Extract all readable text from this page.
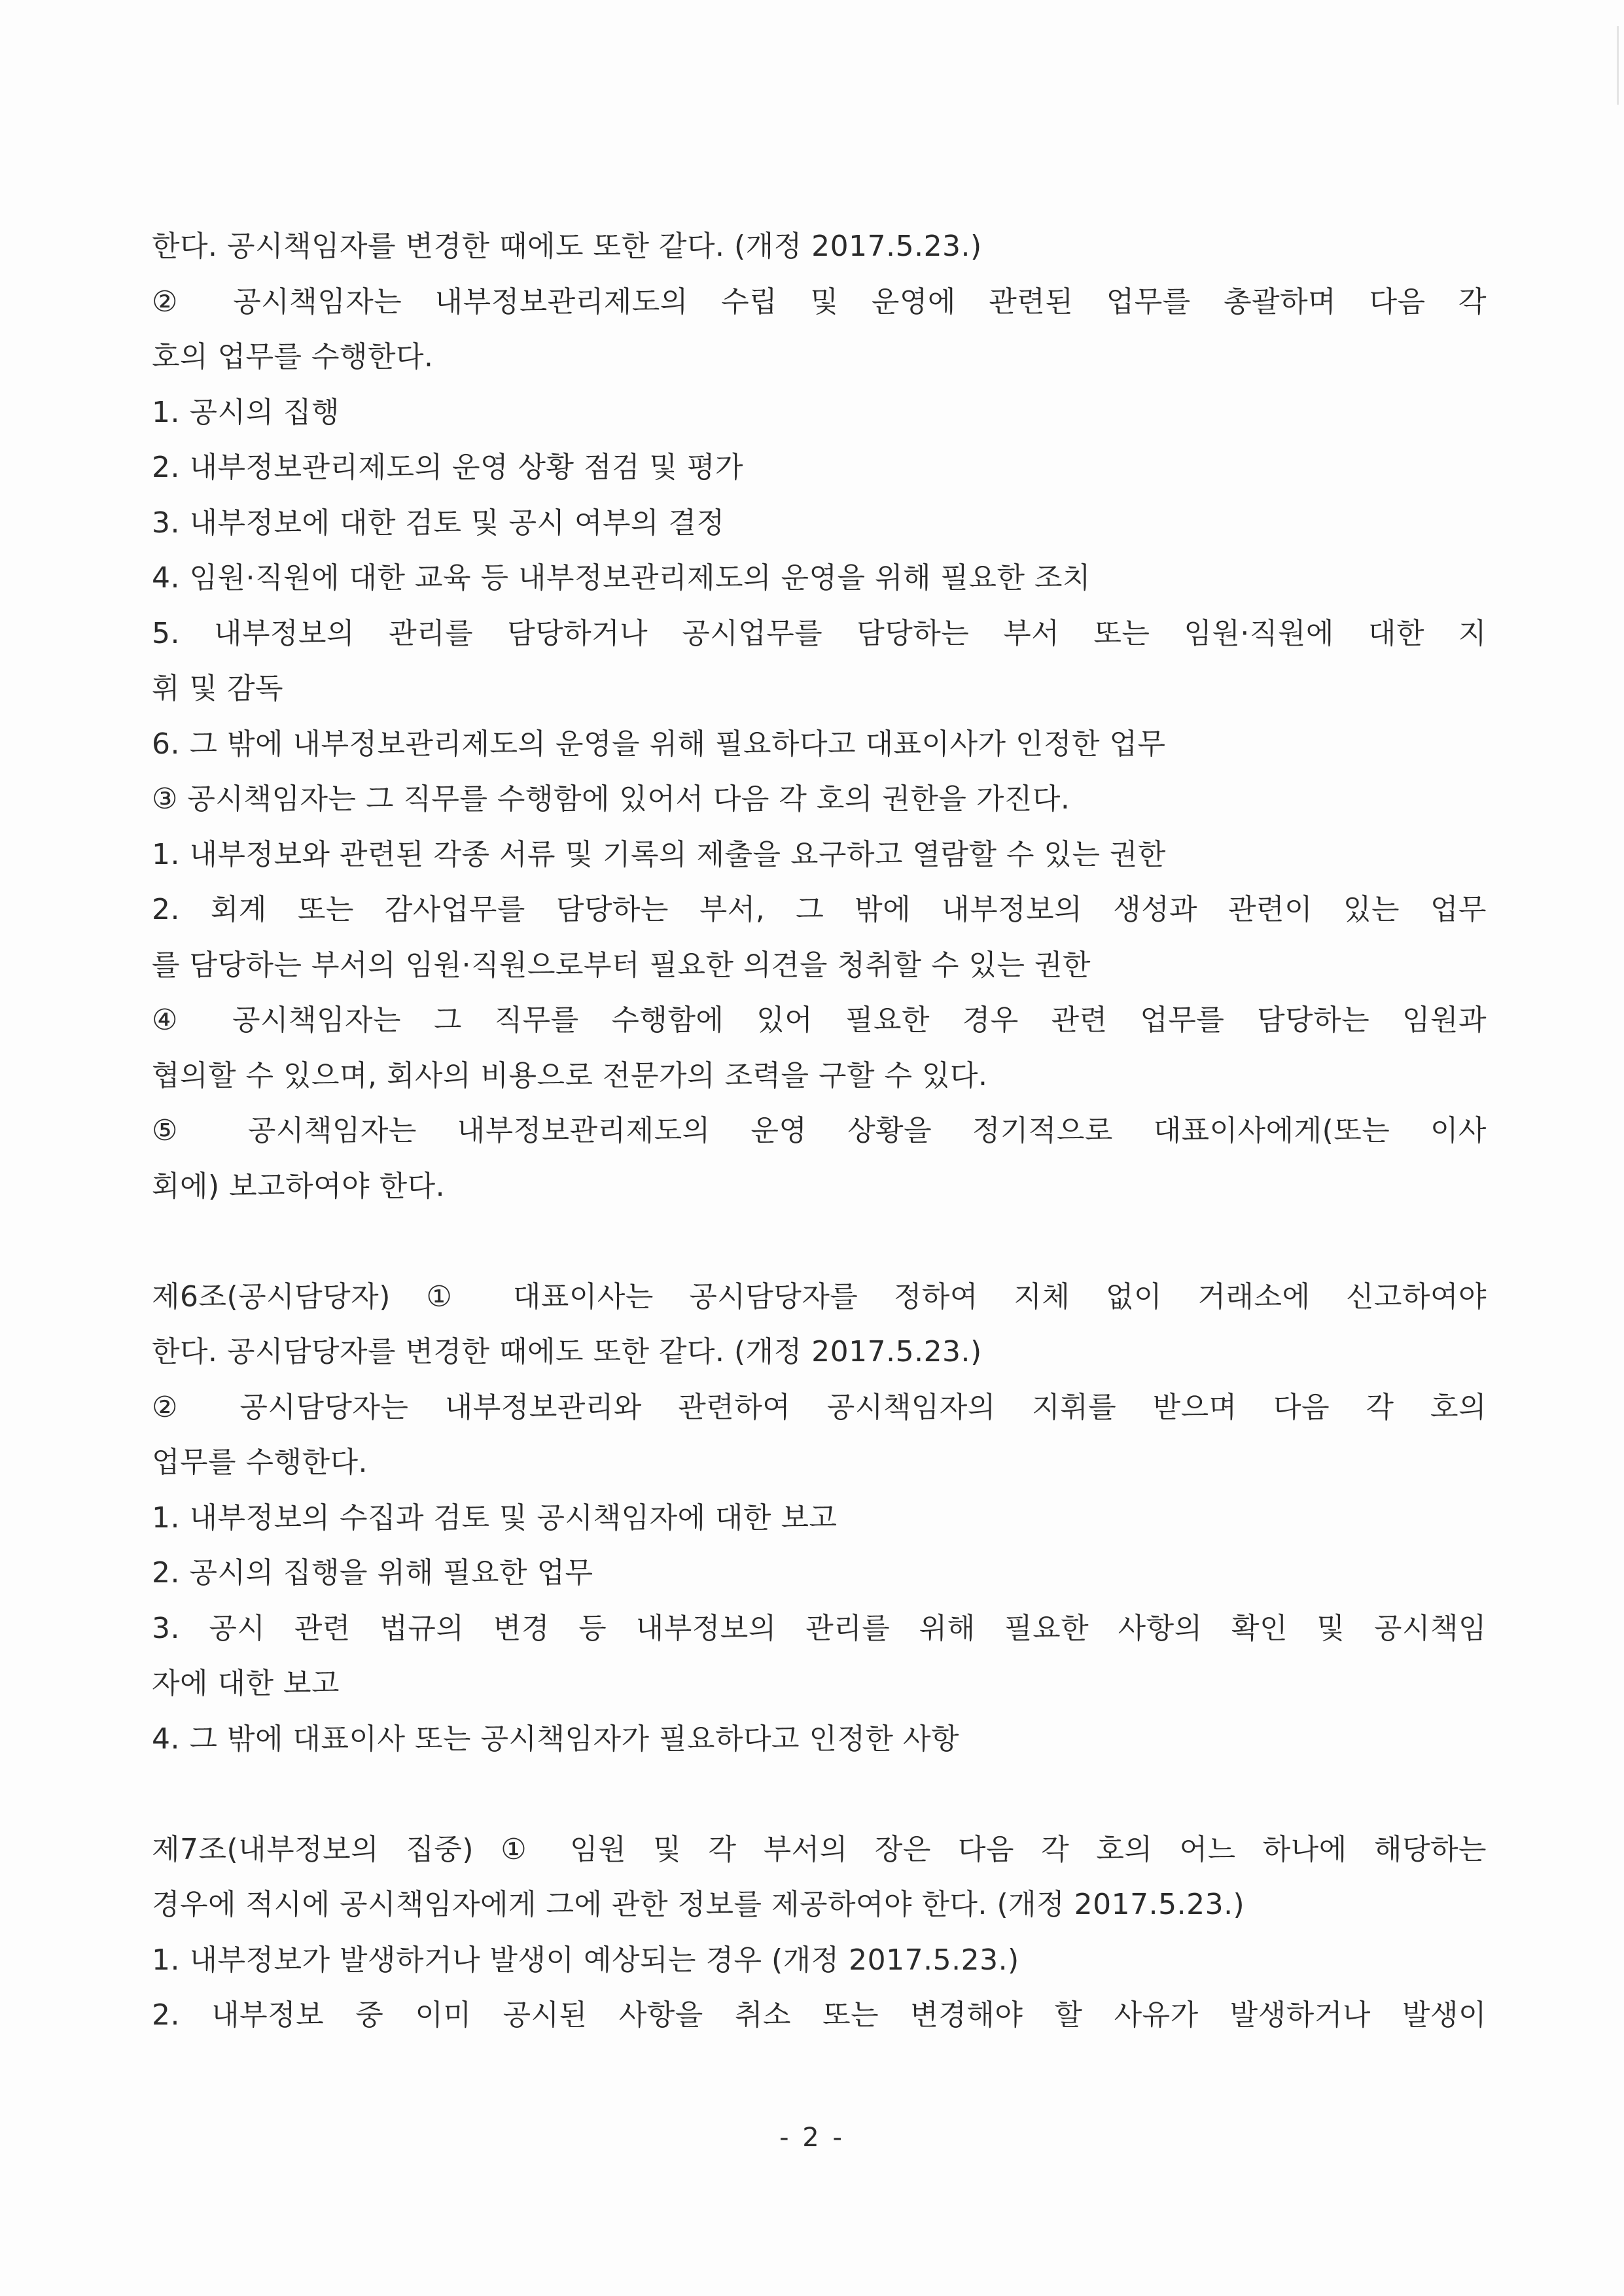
한다. 공시책임자를 변경한 때에도 또한 같다. (개정 2017.5.23.)
② 공시책임자는 내부정보관리제도의 수립 및 운영에 관련된 업무를 총괄하며 다음 각
호의 업무를 수행한다.
1. 공시의 집행
2. 내부정보관리제도의 운영 상황 점검 및 평가
3. 내부정보에 대한 검토 및 공시 여부의 결정
4. 임원·직원에 대한 교육 등 내부정보관리제도의 운영을 위해 필요한 조치
5. 내부정보의 관리를 담당하거나 공시업무를 담당하는 부서 또는 임원·직원에 대한 지
휘 및 감독
6. 그 밖에 내부정보관리제도의 운영을 위해 필요하다고 대표이사가 인정한 업무
③ 공시책임자는 그 직무를 수행함에 있어서 다음 각 호의 권한을 가진다.
1. 내부정보와 관련된 각종 서류 및 기록의 제출을 요구하고 열람할 수 있는 권한
2. 회계 또는 감사업무를 담당하는 부서, 그 밖에 내부정보의 생성과 관련이 있는 업무
를 담당하는 부서의 임원·직원으로부터 필요한 의견을 청취할 수 있는 권한
④ 공시책임자는 그 직무를 수행함에 있어 필요한 경우 관련 업무를 담당하는 임원과
협의할 수 있으며, 회사의 비용으로 전문가의 조력을 구할 수 있다.
⑤ 공시책임자는 내부정보관리제도의 운영 상황을 정기적으로 대표이사에게(또는 이사
회에) 보고하여야 한다.
제6조(공시담당자) ① 대표이사는 공시담당자를 정하여 지체 없이 거래소에 신고하여야
한다. 공시담당자를 변경한 때에도 또한 같다. (개정 2017.5.23.)
② 공시담당자는 내부정보관리와 관련하여 공시책임자의 지휘를 받으며 다음 각 호의
업무를 수행한다.
1. 내부정보의 수집과 검토 및 공시책임자에 대한 보고
2. 공시의 집행을 위해 필요한 업무
3. 공시 관련 법규의 변경 등 내부정보의 관리를 위해 필요한 사항의 확인 및 공시책임
자에 대한 보고
4. 그 밖에 대표이사 또는 공시책임자가 필요하다고 인정한 사항
제7조(내부정보의 집중) ① 임원 및 각 부서의 장은 다음 각 호의 어느 하나에 해당하는
경우에 적시에 공시책임자에게 그에 관한 정보를 제공하여야 한다. (개정 2017.5.23.)
1. 내부정보가 발생하거나 발생이 예상되는 경우 (개정 2017.5.23.)
2. 내부정보 중 이미 공시된 사항을 취소 또는 변경해야 할 사유가 발생하거나 발생이
- 2 -
